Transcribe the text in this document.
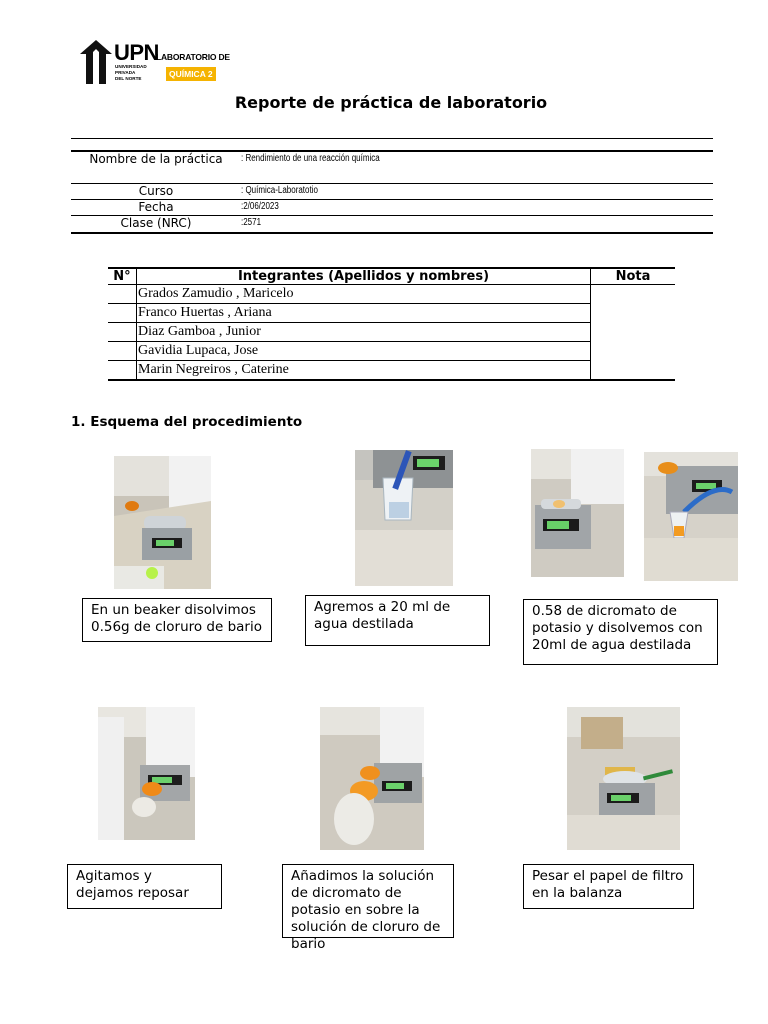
UPN
UNIVERSIDAD PRIVADA DEL NORTE
LABORATORIO DE
QUÍMICA 2
Reporte de práctica de laboratorio
Nombre de la práctica	: Rendimiento de una reacción química
Curso	: Química-Laboratotio
Fecha	:2/06/2023
Clase (NRC)	:2571
N°	Integrantes (Apellidos y nombres)	Nota
	Grados Zamudio , Maricelo	
	Franco Huertas , Ariana	
	Diaz Gamboa , Junior	
	Gavidia Lupaca, Jose	
	Marin Negreiros , Caterine	
1. Esquema del procedimiento
En un beaker disolvimos 0.56g de cloruro de bario
Agremos a 20 ml de agua destilada
0.58 de dicromato de potasio y disolvemos con 20ml de agua destilada
Agitamos y dejamos reposar
Añadimos la solución de dicromato de potasio en sobre la solución de cloruro de bario
Pesar el papel de filtro en la balanza
